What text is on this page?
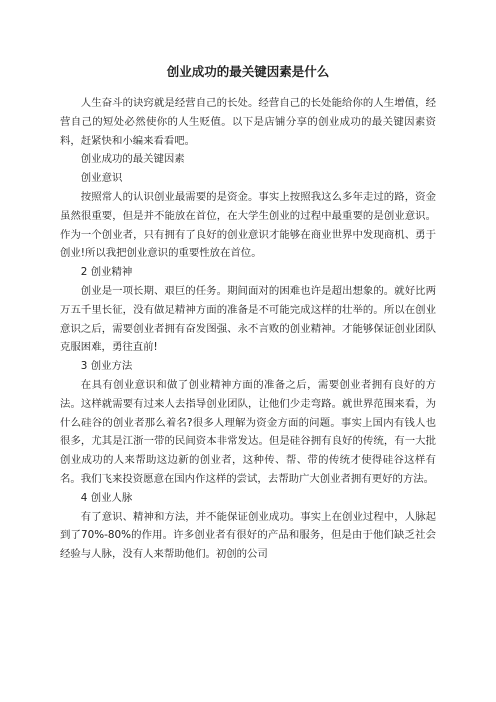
创业成功的最关键因素是什么

人生奋斗的诀窍就是经营自己的长处。经营自己的长处能给你的人生增值，经营自己的短处必然使你的人生贬值。以下是店铺分享的创业成功的最关键因素资料，赶紧快和小编来看看吧。

创业成功的最关键因素

创业意识

按照常人的认识创业最需要的是资金。事实上按照我这么多年走过的路，资金虽然很重要，但是并不能放在首位，在大学生创业的过程中最重要的是创业意识。作为一个创业者，只有拥有了良好的创业意识才能够在商业世界中发现商机、勇于创业!所以我把创业意识的重要性放在首位。

2 创业精神

创业是一项长期、艰巨的任务。期间面对的困难也许是超出想象的。就好比两万五千里长征，没有做足精神方面的准备是不可能完成这样的壮举的。所以在创业意识之后，需要创业者拥有奋发图强、永不言败的创业精神。才能够保证创业团队克服困难，勇往直前!

3 创业方法

在具有创业意识和做了创业精神方面的准备之后，需要创业者拥有良好的方法。这样就需要有过来人去指导创业团队，让他们少走弯路。就世界范围来看，为什么硅谷的创业者那么着名?很多人理解为资金方面的问题。事实上国内有钱人也很多，尤其是江浙一带的民间资本非常发达。但是硅谷拥有良好的传统，有一大批创业成功的人来帮助这边新的创业者，这种传、帮、带的传统才使得硅谷这样有名。我们飞来投资愿意在国内作这样的尝试，去帮助广大创业者拥有更好的方法。

4 创业人脉

有了意识、精神和方法，并不能保证创业成功。事实上在创业过程中，人脉起到了70%-80%的作用。许多创业者有很好的产品和服务，但是由于他们缺乏社会经验与人脉，没有人来帮助他们。初创的公司
